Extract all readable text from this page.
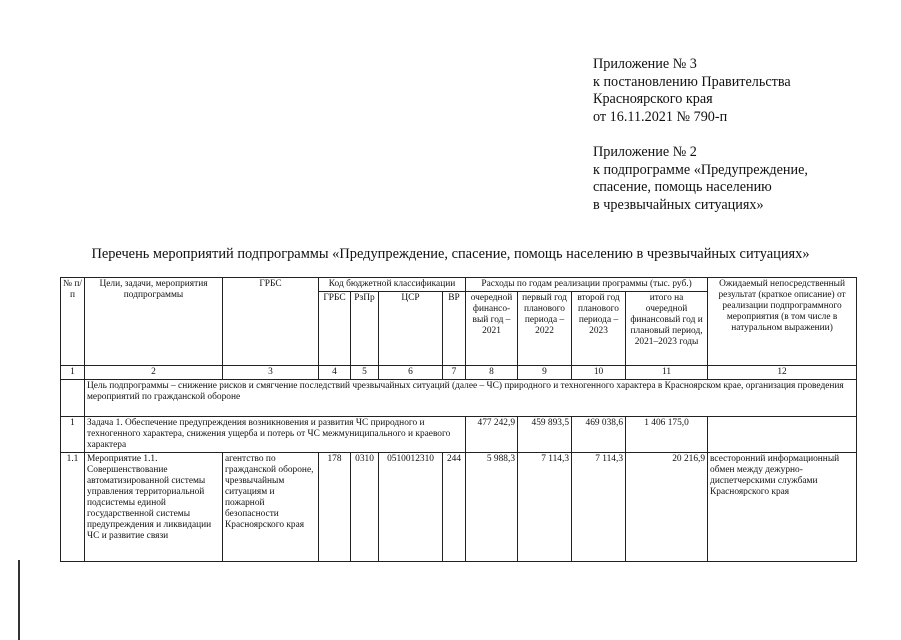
Приложение № 3
к постановлению Правительства
Красноярского края
от 16.11.2021 № 790-п
Приложение № 2
к подпрограмме «Предупреждение,
спасение, помощь населению
в чрезвычайных ситуациях»
Перечень мероприятий подпрограммы «Предупреждение, спасение, помощь населению в чрезвычайных ситуациях»
№ п/п	Цели, задачи, мероприятия подпрограммы	ГРБС	Код бюджетной классификации				Расходы по годам реализации программы (тыс. руб.)				Ожидаемый непосредственный результат (краткое описание) от реализации подпрограммного мероприятия (в том числе в натуральном выражении)
			ГРБС	РзПр	ЦСР	ВР	очередной финансо-вый год – 2021	первый год планового периода – 2022	второй год планового периода – 2023	итого на очередной финансовый год и плановый период, 2021–2023 годы	
1	2	3	4	5	6	7	8	9	10	11	12
	Цель подпрограммы – снижение рисков и смягчение последствий чрезвычайных ситуаций (далее – ЧС) природного и техногенного характера в Красноярском крае, организация проведения мероприятий по гражданской обороне										
1	Задача 1. Обеспечение предупреждения возникновения и развития ЧС природного и техногенного характера, снижения ущерба и потерь от ЧС межмуниципального и краевого характера						477 242,9	459 893,5	469 038,6	1 406 175,0	
1.1	Мероприятие 1.1. Совершенствование автоматизированной системы управления территориальной подсистемы единой государственной системы предупреждения и ликвидации ЧС и развитие связи	агентство по гражданской обороне, чрезвычайным ситуациям и пожарной безопасности Красноярского края	178	0310	0510012310	244	5 988,3	7 114,3	7 114,3	20 216,9	всесторонний информационный обмен между дежурно-диспетчерскими службами Красноярского края
